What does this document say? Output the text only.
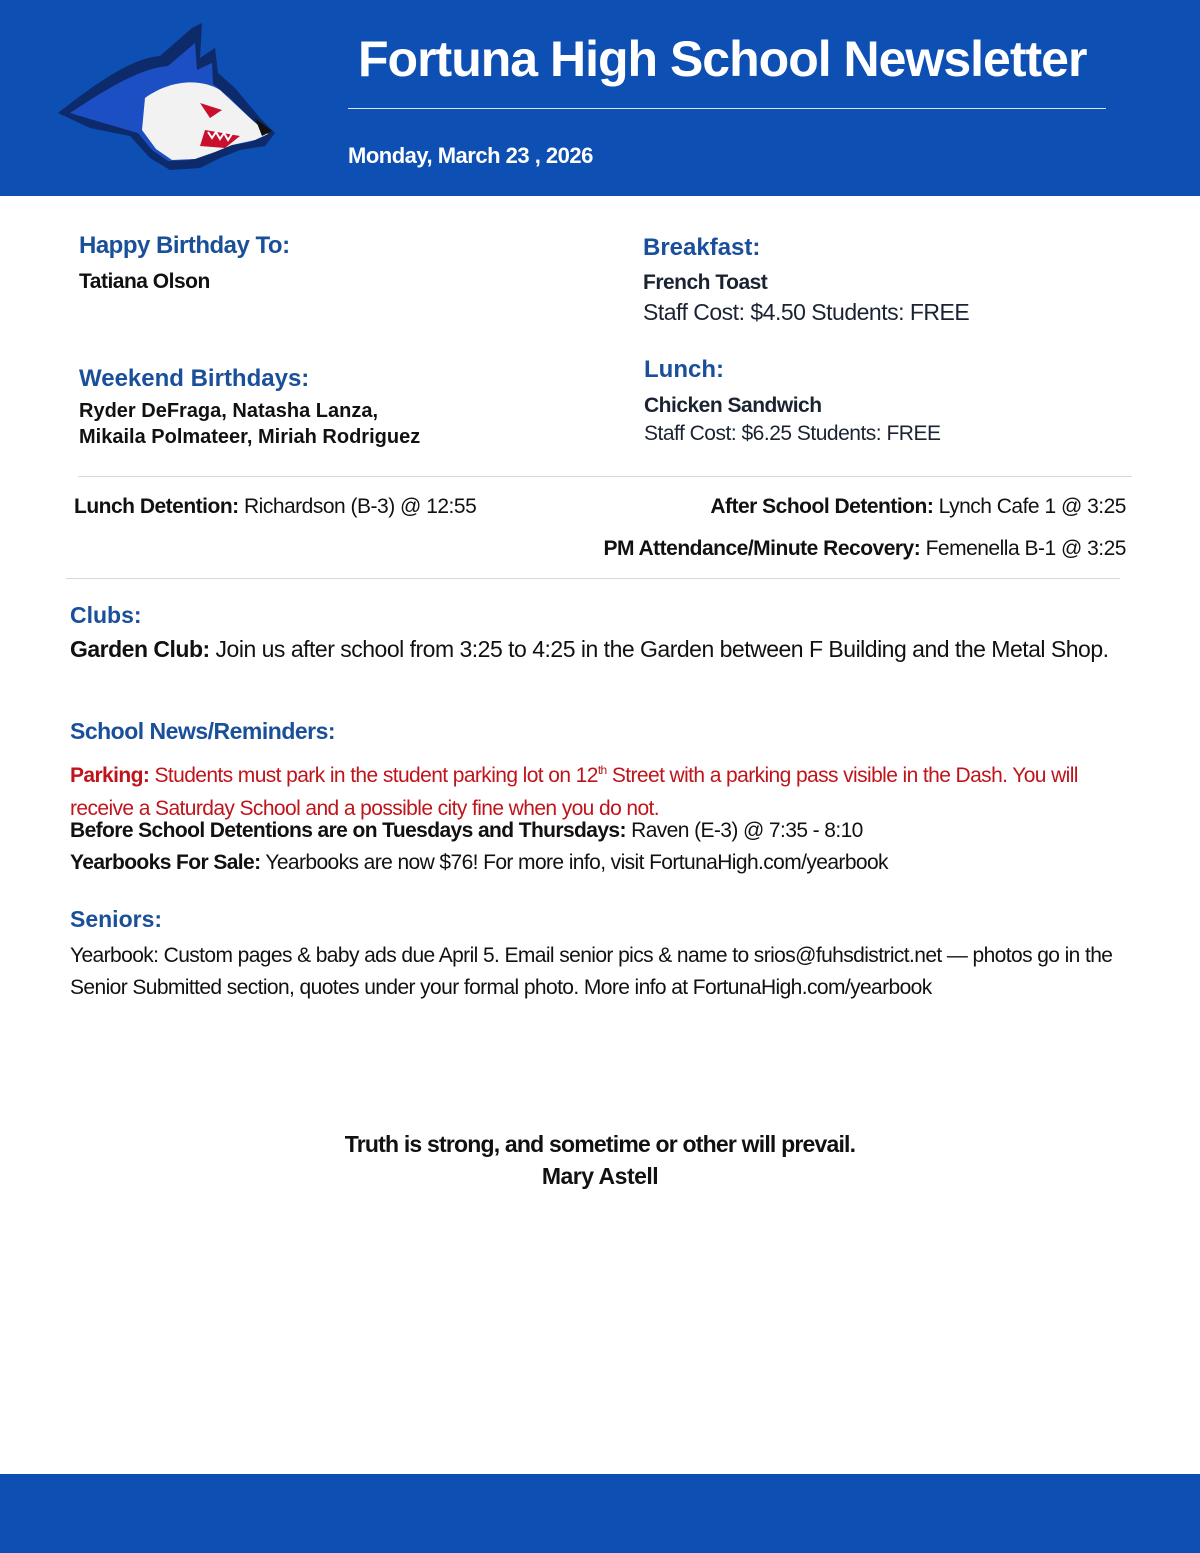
Fortuna High School Newsletter
Monday, March 23 , 2026
Happy Birthday To:
Tatiana Olson
Weekend Birthdays:
Ryder DeFraga, Natasha Lanza,
Mikaila Polmateer, Miriah Rodriguez
Breakfast:
French Toast
Staff Cost: $4.50 Students: FREE
Lunch:
Chicken Sandwich
Staff Cost: $6.25 Students: FREE
Lunch Detention: Richardson (B-3) @ 12:55	After School Detention: Lynch Cafe 1 @ 3:25
PM Attendance/Minute Recovery: Femenella B-1 @ 3:25
Clubs:
Garden Club: Join us after school from 3:25 to 4:25 in the Garden between F Building and the Metal Shop.
School News/Reminders:
Parking: Students must park in the student parking lot on 12th Street with a parking pass visible in the Dash. You will receive a Saturday School and a possible city fine when you do not.
Before School Detentions are on Tuesdays and Thursdays: Raven (E-3) @ 7:35 - 8:10
Yearbooks For Sale: Yearbooks are now $76! For more info, visit FortunaHigh.com/yearbook
Seniors:
Yearbook: Custom pages & baby ads due April 5. Email senior pics & name to srios@fuhsdistrict.net — photos go in the Senior Submitted section, quotes under your formal photo. More info at FortunaHigh.com/yearbook
Truth is strong, and sometime or other will prevail.
Mary Astell
